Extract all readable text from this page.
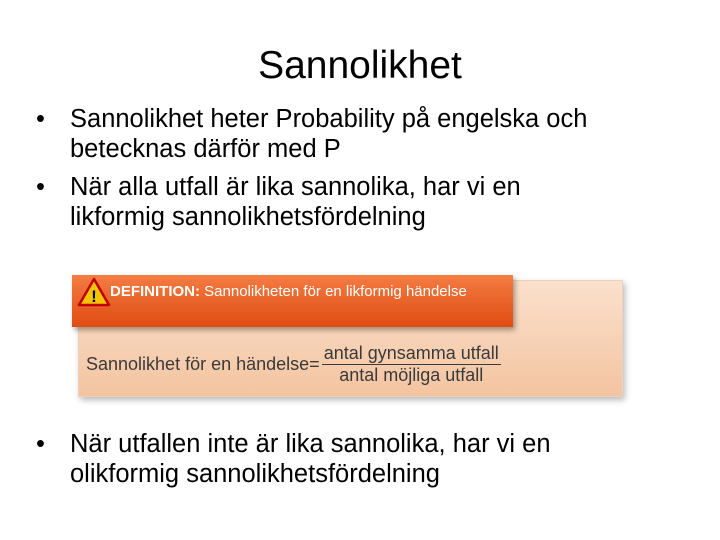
Sannolikhet
• Sannolikhet heter Probability på engelska och
betecknas därför med P
• När alla utfall är lika sannolika, har vi en
likformig sannolikhetsfördelning
! DEFINITION: Sannolikheten för en likformig händelse
Sannolikhet för en händelse= $\frac{\text{antal gynsamma utfall}}{\text{antal möjliga utfall}}$
• När utfallen inte är lika sannolika, har vi en
olikformig sannolikhetsfördelning
